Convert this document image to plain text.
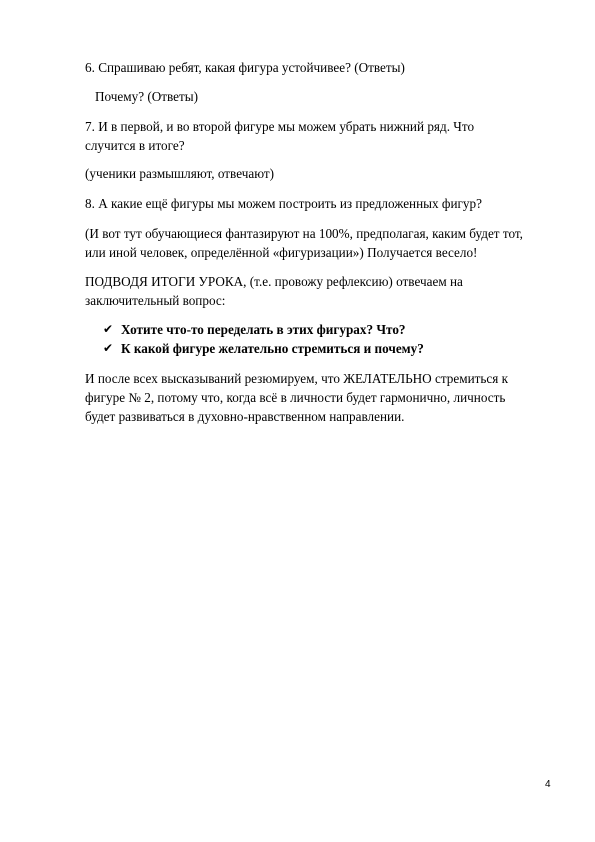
6. Спрашиваю ребят, какая фигура устойчивее? (Ответы)

Почему? (Ответы)

7. И в первой, и во второй фигуре мы можем убрать нижний ряд. Что
случится в итоге?

(ученики размышляют, отвечают)

8. А какие ещё фигуры мы можем построить из предложенных фигур?

(И вот тут обучающиеся фантазируют на 100%, предполагая, каким будет тот,
или иной человек, определённой «фигуризации») Получается весело!

ПОДВОДЯ ИТОГИ УРОКА, (т.е. провожу рефлексию) отвечаем на
заключительный вопрос:

✔ Хотите что-то переделать в этих фигурах? Что?
✔ К какой фигуре желательно стремиться и почему?

И после всех высказываний резюмируем, что ЖЕЛАТЕЛЬНО стремиться к
фигуре № 2, потому что, когда всё в личности будет гармонично, личность
будет развиваться в духовно-нравственном направлении.

4
